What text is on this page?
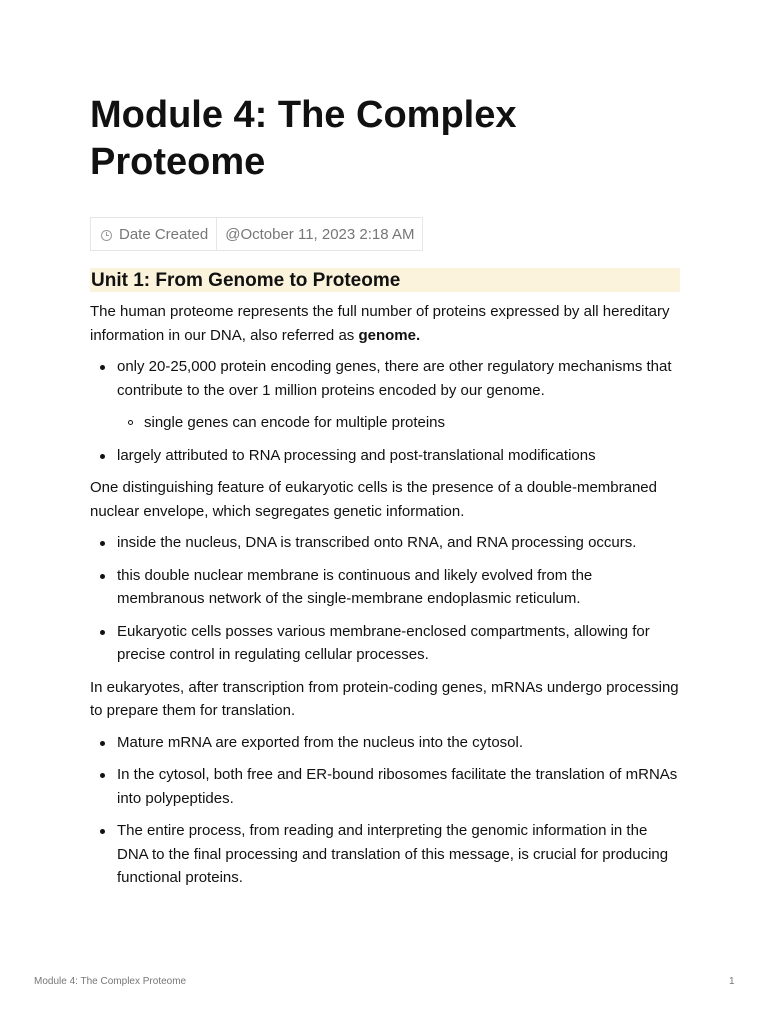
Module 4: The Complex Proteome
Date Created	@October 11, 2023 2:18 AM
Unit 1: From Genome to Proteome

The human proteome represents the full number of proteins expressed by all hereditary information in our DNA, also referred as genome.

only 20-25,000 protein encoding genes, there are other regulatory mechanisms that contribute to the over 1 million proteins encoded by our genome.
single genes can encode for multiple proteins
largely attributed to RNA processing and post-translational modifications

One distinguishing feature of eukaryotic cells is the presence of a double-membraned nuclear envelope, which segregates genetic information.

inside the nucleus, DNA is transcribed onto RNA, and RNA processing occurs.
this double nuclear membrane is continuous and likely evolved from the membranous network of the single-membrane endoplasmic reticulum.
Eukaryotic cells posses various membrane-enclosed compartments, allowing for precise control in regulating cellular processes.

In eukaryotes, after transcription from protein-coding genes, mRNAs undergo processing to prepare them for translation.

Mature mRNA are exported from the nucleus into the cytosol.
In the cytosol, both free and ER-bound ribosomes facilitate the translation of mRNAs into polypeptides.
The entire process, from reading and interpreting the genomic information in the DNA to the final processing and translation of this message, is crucial for producing functional proteins.
Module 4: The Complex Proteome	1
